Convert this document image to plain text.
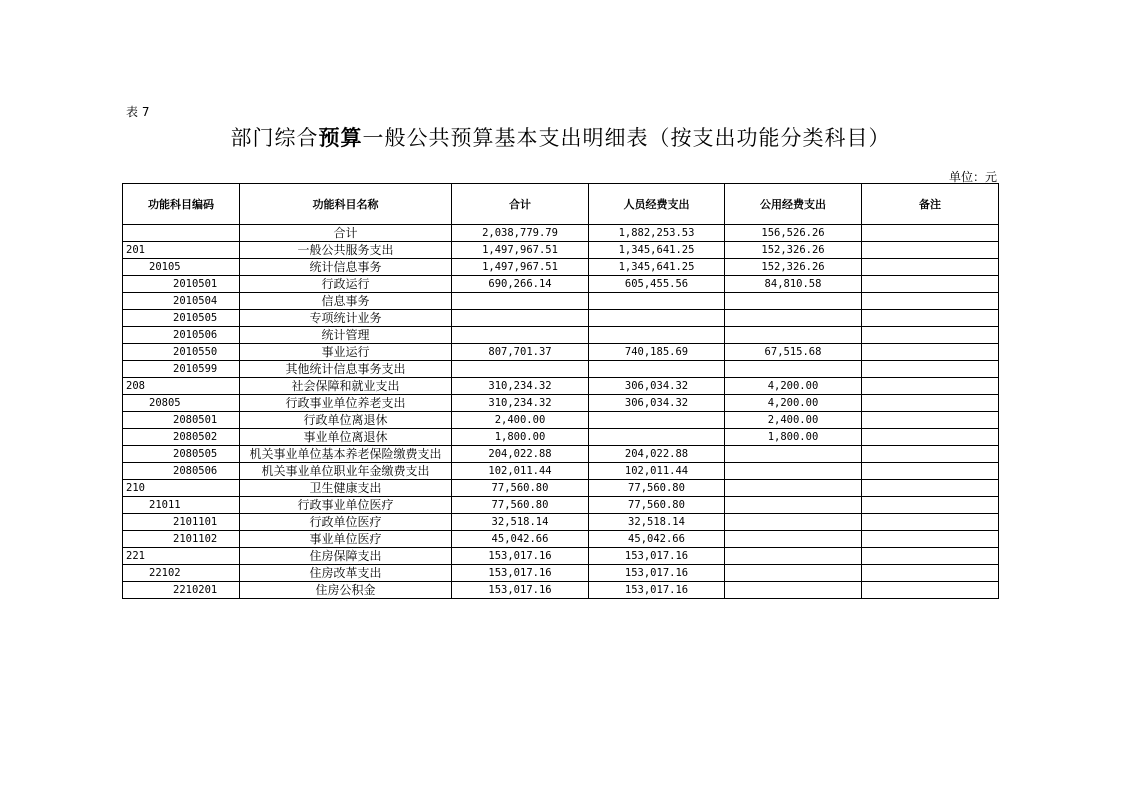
表 7
部门综合预算一般公共预算基本支出明细表（按支出功能分类科目）
单位：元
功能科目编码	功能科目名称	合计	人员经费支出	公用经费支出	备注
	合计	2,038,779.79	1,882,253.53	156,526.26	
201	一般公共服务支出	1,497,967.51	1,345,641.25	152,326.26	
20105	统计信息事务	1,497,967.51	1,345,641.25	152,326.26	
2010501	行政运行	690,266.14	605,455.56	84,810.58	
2010504	信息事务				
2010505	专项统计业务				
2010506	统计管理				
2010550	事业运行	807,701.37	740,185.69	67,515.68	
2010599	其他统计信息事务支出				
208	社会保障和就业支出	310,234.32	306,034.32	4,200.00	
20805	行政事业单位养老支出	310,234.32	306,034.32	4,200.00	
2080501	行政单位离退休	2,400.00		2,400.00	
2080502	事业单位离退休	1,800.00		1,800.00	
2080505	机关事业单位基本养老保险缴费支出	204,022.88	204,022.88		
2080506	机关事业单位职业年金缴费支出	102,011.44	102,011.44		
210	卫生健康支出	77,560.80	77,560.80		
21011	行政事业单位医疗	77,560.80	77,560.80		
2101101	行政单位医疗	32,518.14	32,518.14		
2101102	事业单位医疗	45,042.66	45,042.66		
221	住房保障支出	153,017.16	153,017.16		
22102	住房改革支出	153,017.16	153,017.16		
2210201	住房公积金	153,017.16	153,017.16		
